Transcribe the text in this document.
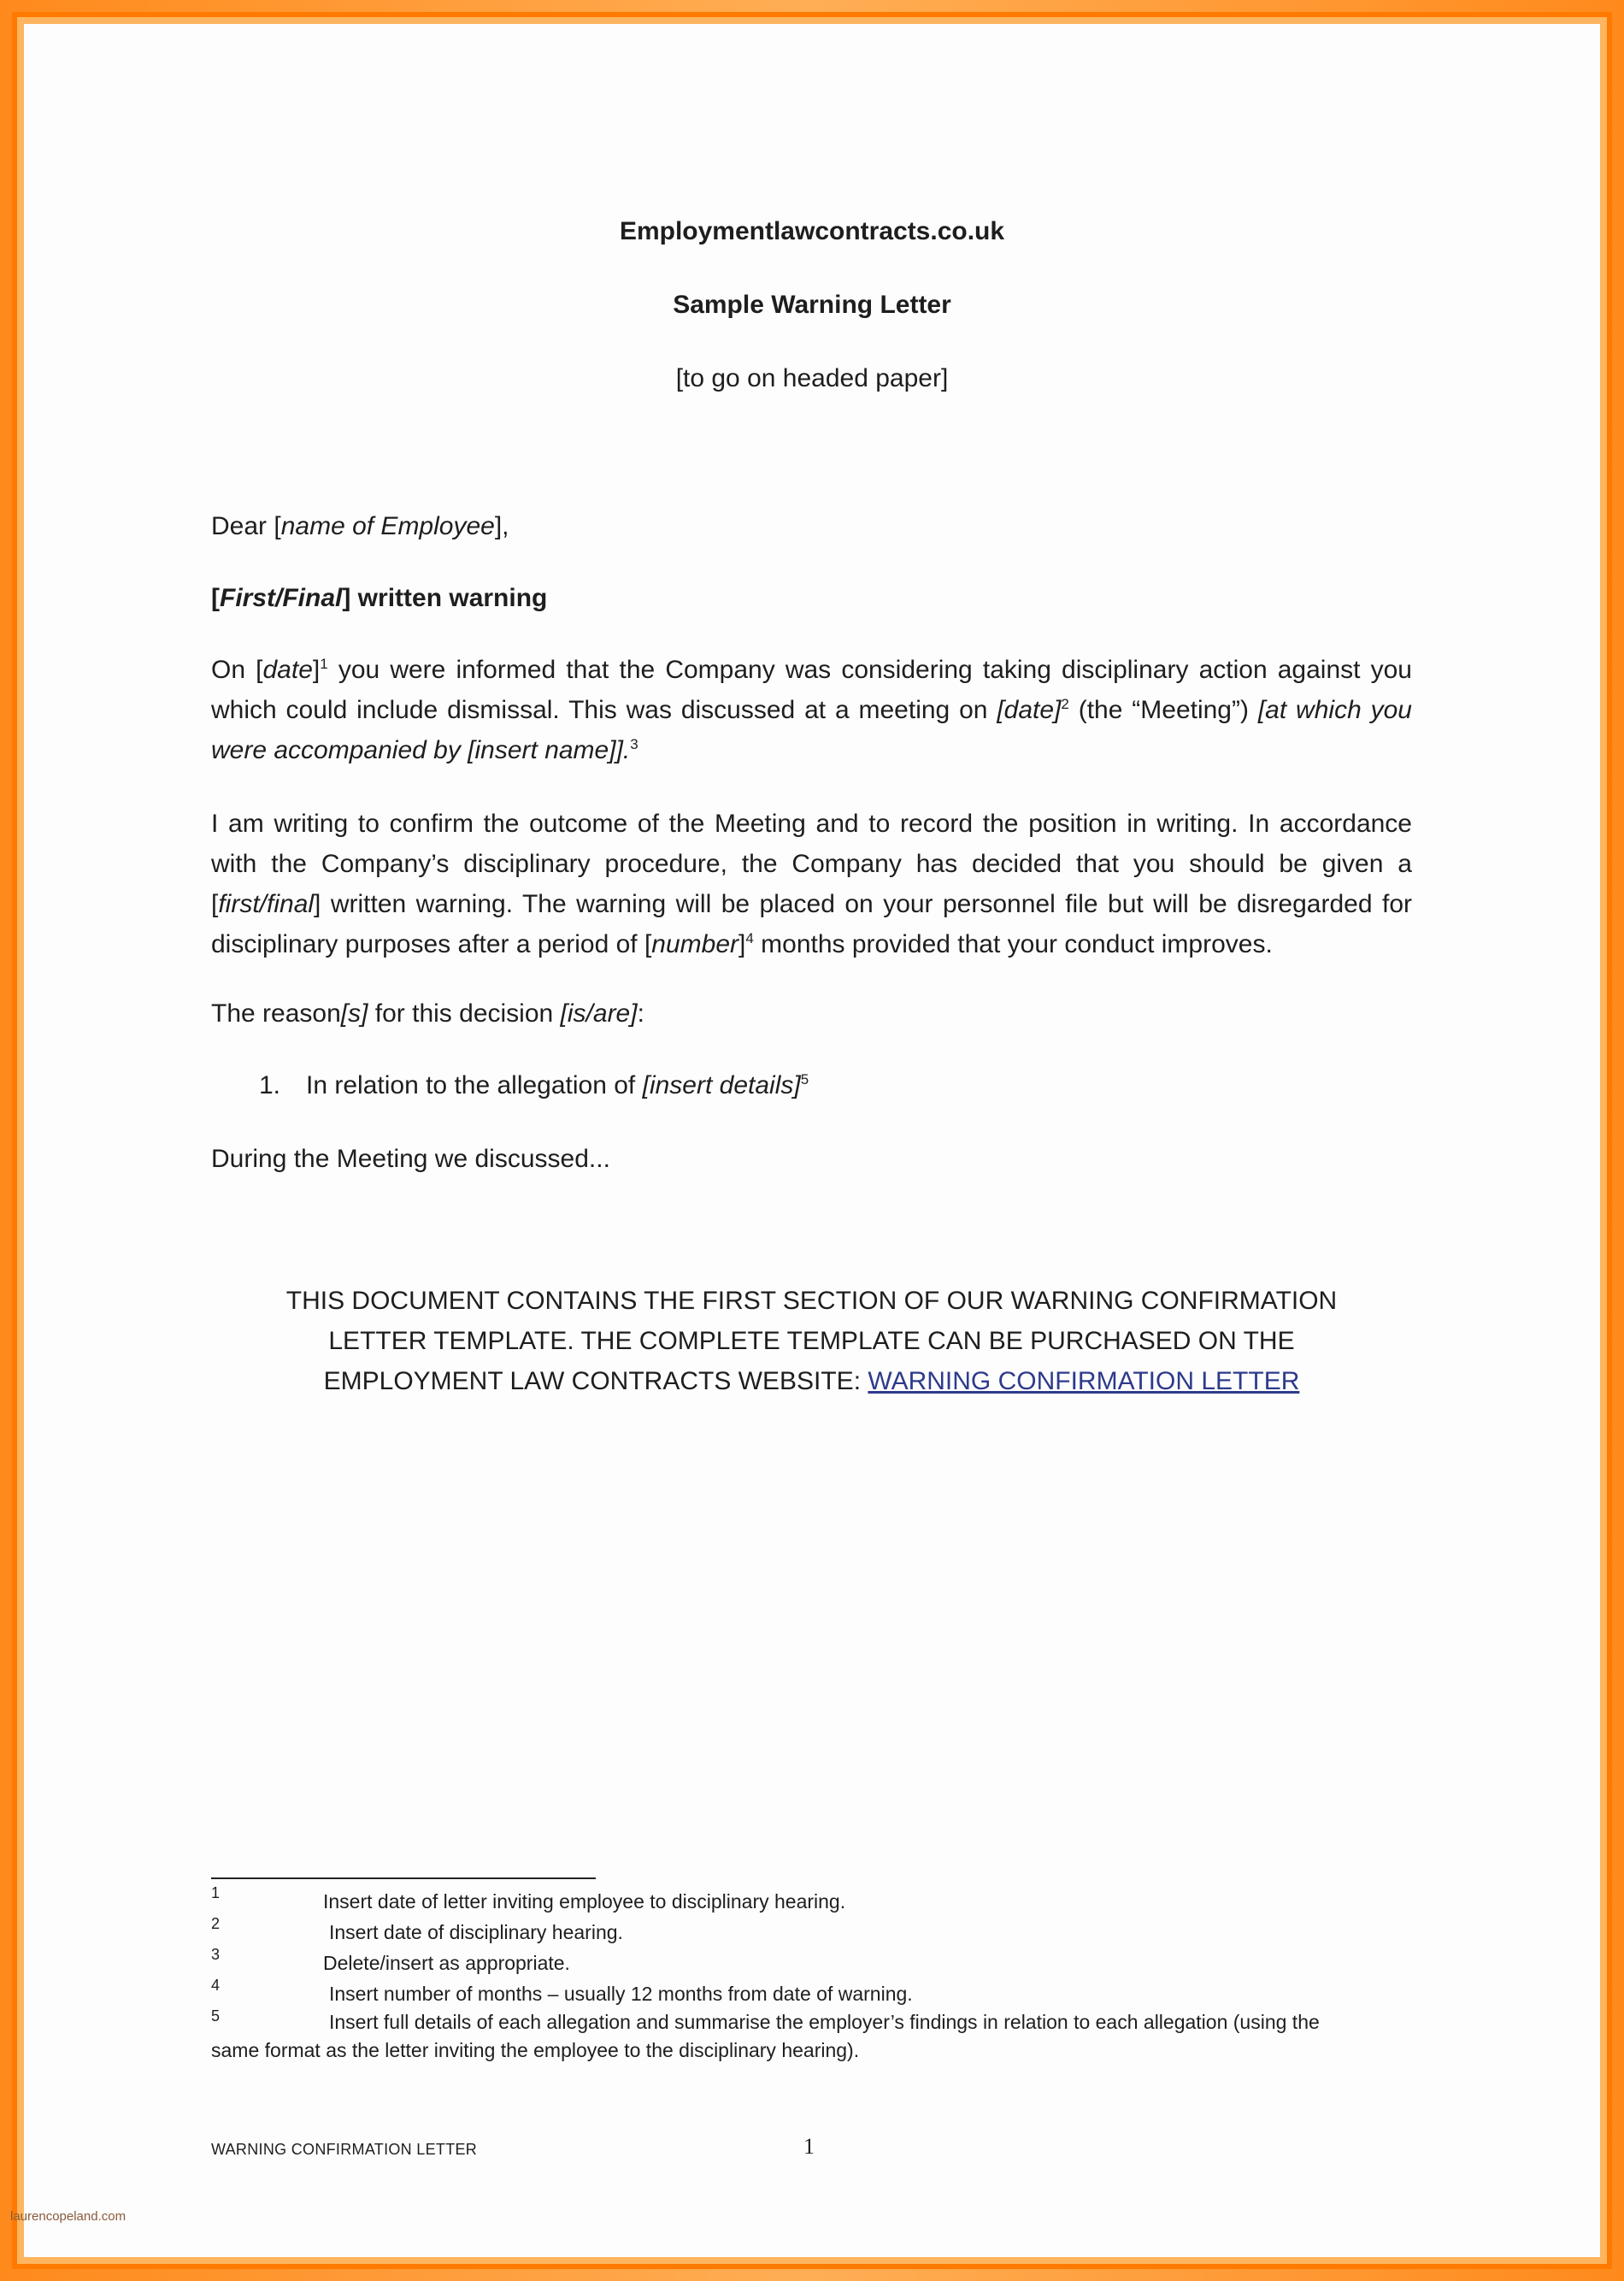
Employmentlawcontracts.co.uk
Sample Warning Letter
[to go on headed paper]
Dear [name of Employee],
[First/Final] written warning
On [date]$^1$ you were informed that the Company was considering taking disciplinary action against you which could include dismissal. This was discussed at a meeting on [date]$^2$ (the “Meeting”) [at which you were accompanied by [insert name]].$^3$
I am writing to confirm the outcome of the Meeting and to record the position in writing. In accordance with the Company’s disciplinary procedure, the Company has decided that you should be given a [first/final] written warning. The warning will be placed on your personnel file but will be disregarded for disciplinary purposes after a period of [number]$^4$ months provided that your conduct improves.
The reason[s] for this decision [is/are]:
1. In relation to the allegation of [insert details]$^5$
During the Meeting we discussed...
THIS DOCUMENT CONTAINS THE FIRST SECTION OF OUR WARNING CONFIRMATION
LETTER TEMPLATE. THE COMPLETE TEMPLATE CAN BE PURCHASED ON THE
EMPLOYMENT LAW CONTRACTS WEBSITE: WARNING CONFIRMATION LETTER
1	Insert date of letter inviting employee to disciplinary hearing.
2	Insert date of disciplinary hearing.
3	Delete/insert as appropriate.
4	Insert number of months – usually 12 months from date of warning.
5	Insert full details of each allegation and summarise the employer’s findings in relation to each allegation (using the
same format as the letter inviting the employee to the disciplinary hearing).
WARNING CONFIRMATION LETTER	1
laurencopeland.com
